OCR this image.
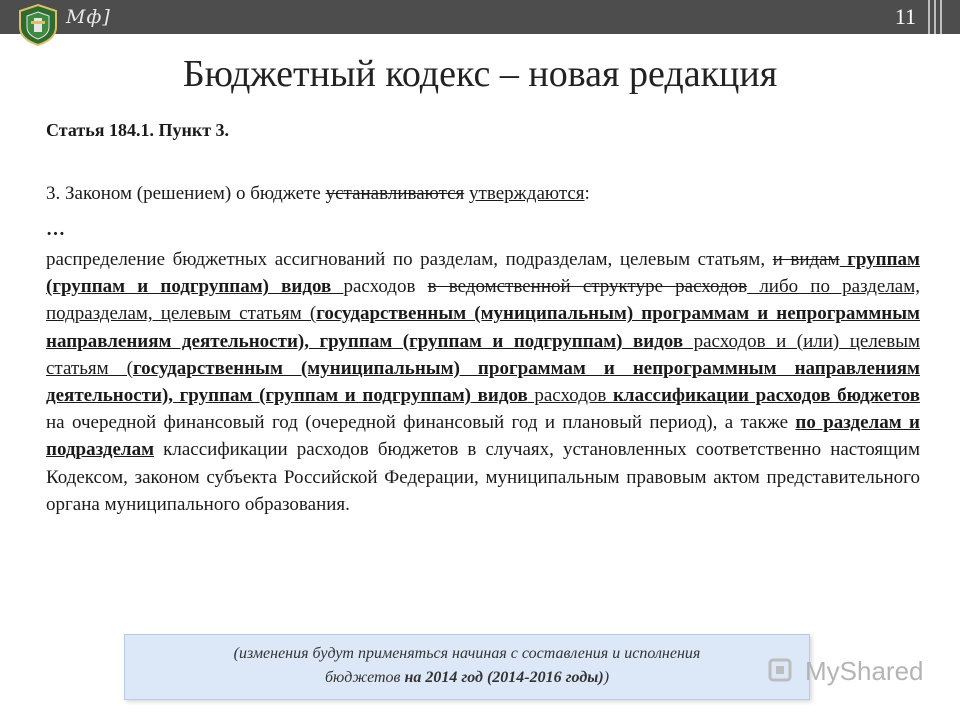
Мф]	11
Бюджетный кодекс – новая редакция
Статья 184.1. Пункт 3.
3. Законом (решением) о бюджете устанавливаются утверждаются:
…
распределение бюджетных ассигнований по разделам, подразделам, целевым статьям, и видам группам (группам и подгруппам) видов расходов в ведомственной структуре расходов либо по разделам, подразделам, целевым статьям (государственным (муниципальным) программам и непрограммным направлениям деятельности), группам (группам и подгруппам) видов расходов и (или) целевым статьям (государственным (муниципальным) программам и непрограммным направлениям деятельности), группам (группам и подгруппам) видов расходов классификации расходов бюджетов на очередной финансовый год (очередной финансовый год и плановый период), а также по разделам и подразделам классификации расходов бюджетов в случаях, установленных соответственно настоящим Кодексом, законом субъекта Российской Федерации, муниципальным правовым актом представительного органа муниципального образования.
(изменения будут применяться начиная с составления и исполнения
бюджетов на 2014 год (2014-2016 годы))	MyShared
